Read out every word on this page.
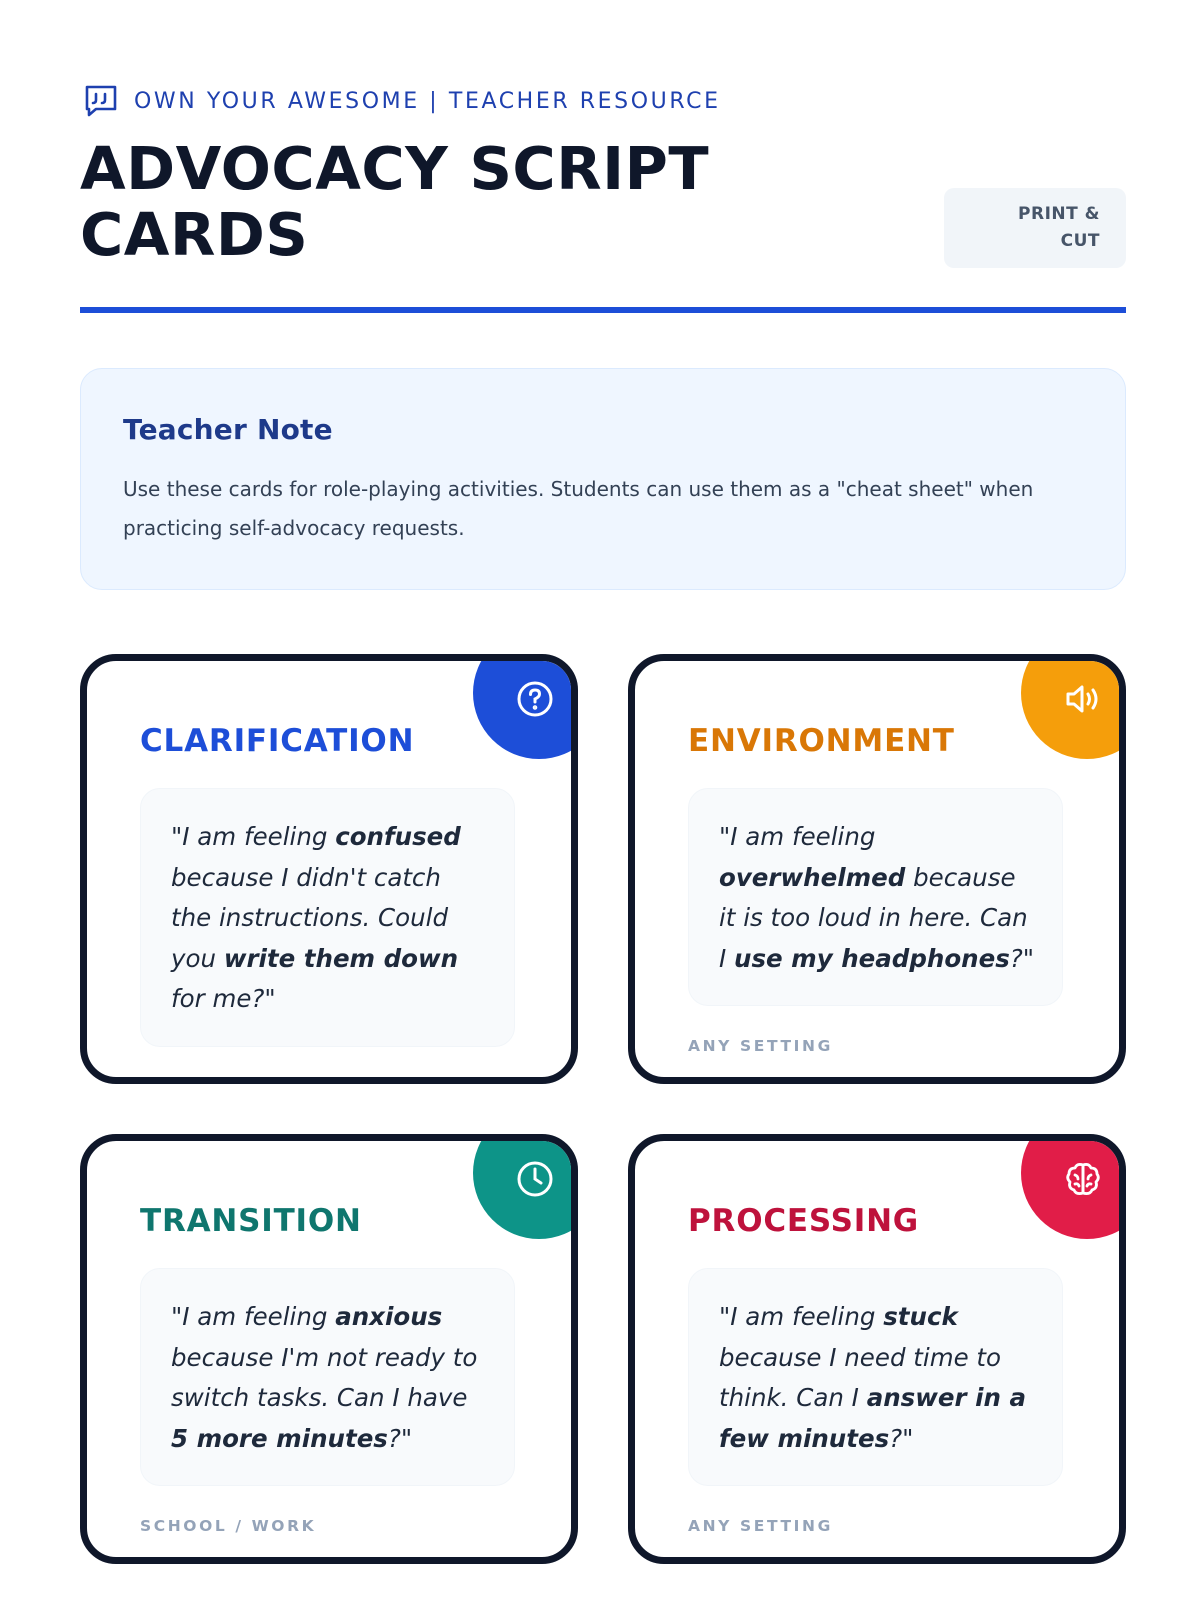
OWN YOUR AWESOME | TEACHER RESOURCE
ADVOCACY SCRIPT CARDS	PRINT & CUT
Teacher Note
Use these cards for role-playing activities. Students can use them as a "cheat sheet" when practicing self-advocacy requests.
CLARIFICATION
"I am feeling confused because I didn't catch the instructions. Could you write them down for me?"
ENVIRONMENT
"I am feeling overwhelmed because it is too loud in here. Can I use my headphones?"
ANY SETTING
TRANSITION
"I am feeling anxious because I'm not ready to switch tasks. Can I have 5 more minutes?"
SCHOOL / WORK
PROCESSING
"I am feeling stuck because I need time to think. Can I answer in a few minutes?"
ANY SETTING
